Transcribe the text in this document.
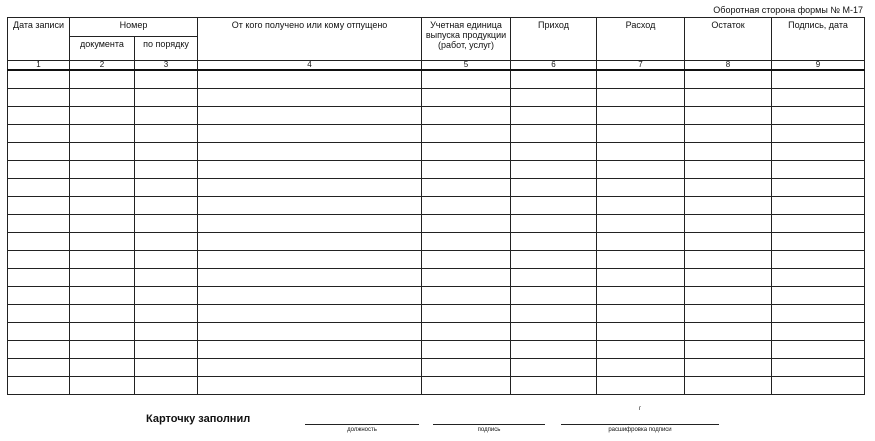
Оборотная сторона формы № М-17
Дата записи	Номер		От кого получено или кому отпущено	Учетная единица выпуска продукции (работ, услуг)	Приход	Расход	Остаток	Подпись, дата
	документа	по порядку						
1	2	3	4	5	6	7	8	9

Карточку заполнил
должность	подпись	расшифровка подписи
г
